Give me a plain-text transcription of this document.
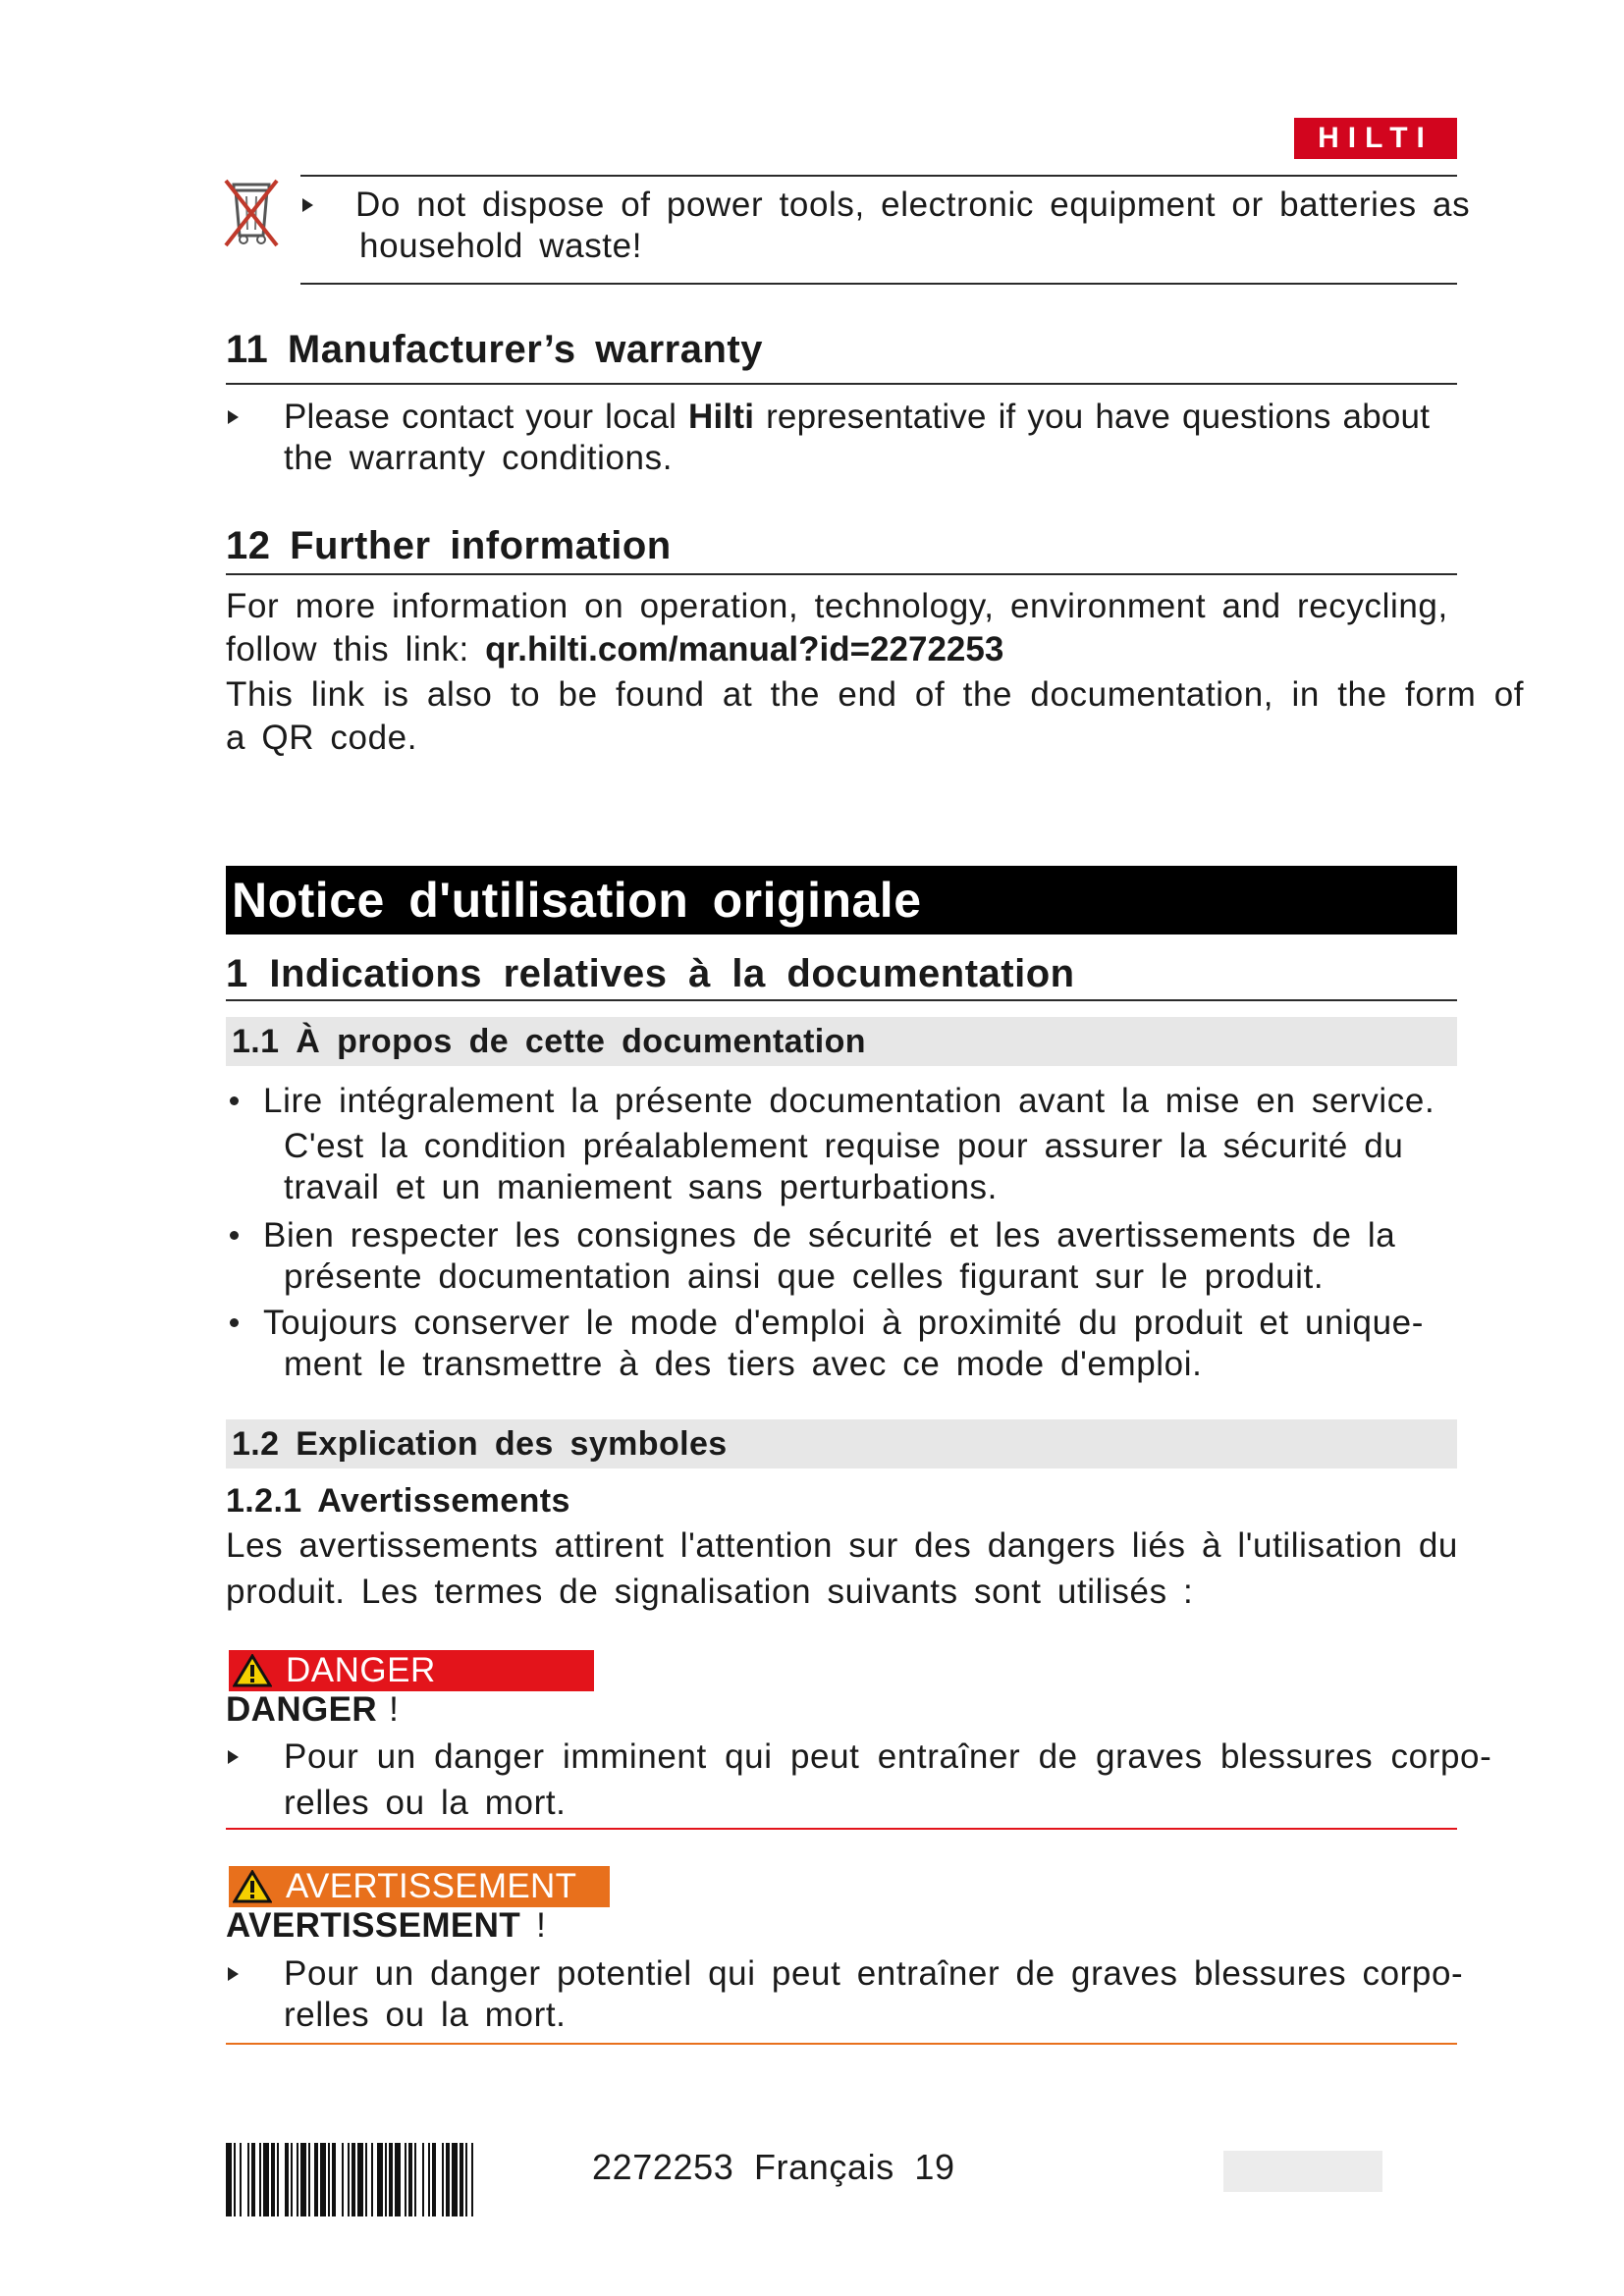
HILTI
Do not dispose of power tools, electronic equipment or batteries as
household waste!
11 Manufacturer’s warranty
Please contact your local Hilti representative if you have questions about
the warranty conditions.
12 Further information
For more information on operation, technology, environment and recycling,
follow this link: qr.hilti.com/manual?id=2272253
This link is also to be found at the end of the documentation, in the form of
a QR code.
Notice d'utilisation originale
1 Indications relatives à la documentation
1.1 À propos de cette documentation
Lire intégralement la présente documentation avant la mise en service.
C'est la condition préalablement requise pour assurer la sécurité du
travail et un maniement sans perturbations.
Bien respecter les consignes de sécurité et les avertissements de la
présente documentation ainsi que celles figurant sur le produit.
Toujours conserver le mode d'emploi à proximité du produit et unique-
ment le transmettre à des tiers avec ce mode d'emploi.
1.2 Explication des symboles
1.2.1 Avertissements
Les avertissements attirent l'attention sur des dangers liés à l'utilisation du
produit. Les termes de signalisation suivants sont utilisés :
DANGER
DANGER !
Pour un danger imminent qui peut entraîner de graves blessures corpo-
relles ou la mort.
AVERTISSEMENT
AVERTISSEMENT !
Pour un danger potentiel qui peut entraîner de graves blessures corpo-
relles ou la mort.
2272253 Français 19
